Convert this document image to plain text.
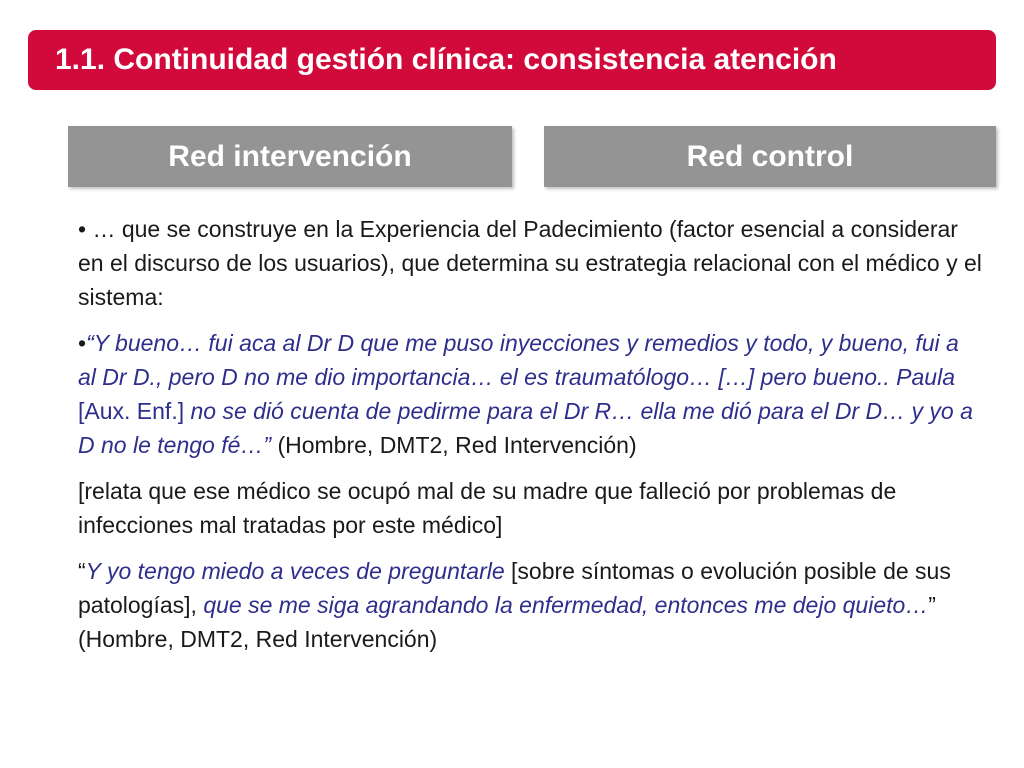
1.1. Continuidad gestión clínica: consistencia atención
Red intervención	Red control

• … que se construye en la Experiencia del Padecimiento (factor esencial a considerar en el discurso de los usuarios), que determina su estrategia relacional con el médico y el sistema:

•“Y bueno… fui aca al Dr D que me puso inyecciones y remedios y todo, y bueno, fui a al Dr D., pero D no me dio importancia… el es traumatólogo… […] pero bueno.. Paula [Aux. Enf.] no se dió cuenta de pedirme para el Dr R… ella me dió para el Dr D… y yo a D no le tengo fé…” (Hombre, DMT2, Red Intervención)

[relata que ese médico se ocupó mal de su madre que falleció por problemas de infecciones mal tratadas por este médico]

“Y yo tengo miedo a veces de preguntarle [sobre síntomas o evolución posible de sus patologías], que se me siga agrandando la enfermedad, entonces me dejo quieto…” (Hombre, DMT2, Red Intervención)
